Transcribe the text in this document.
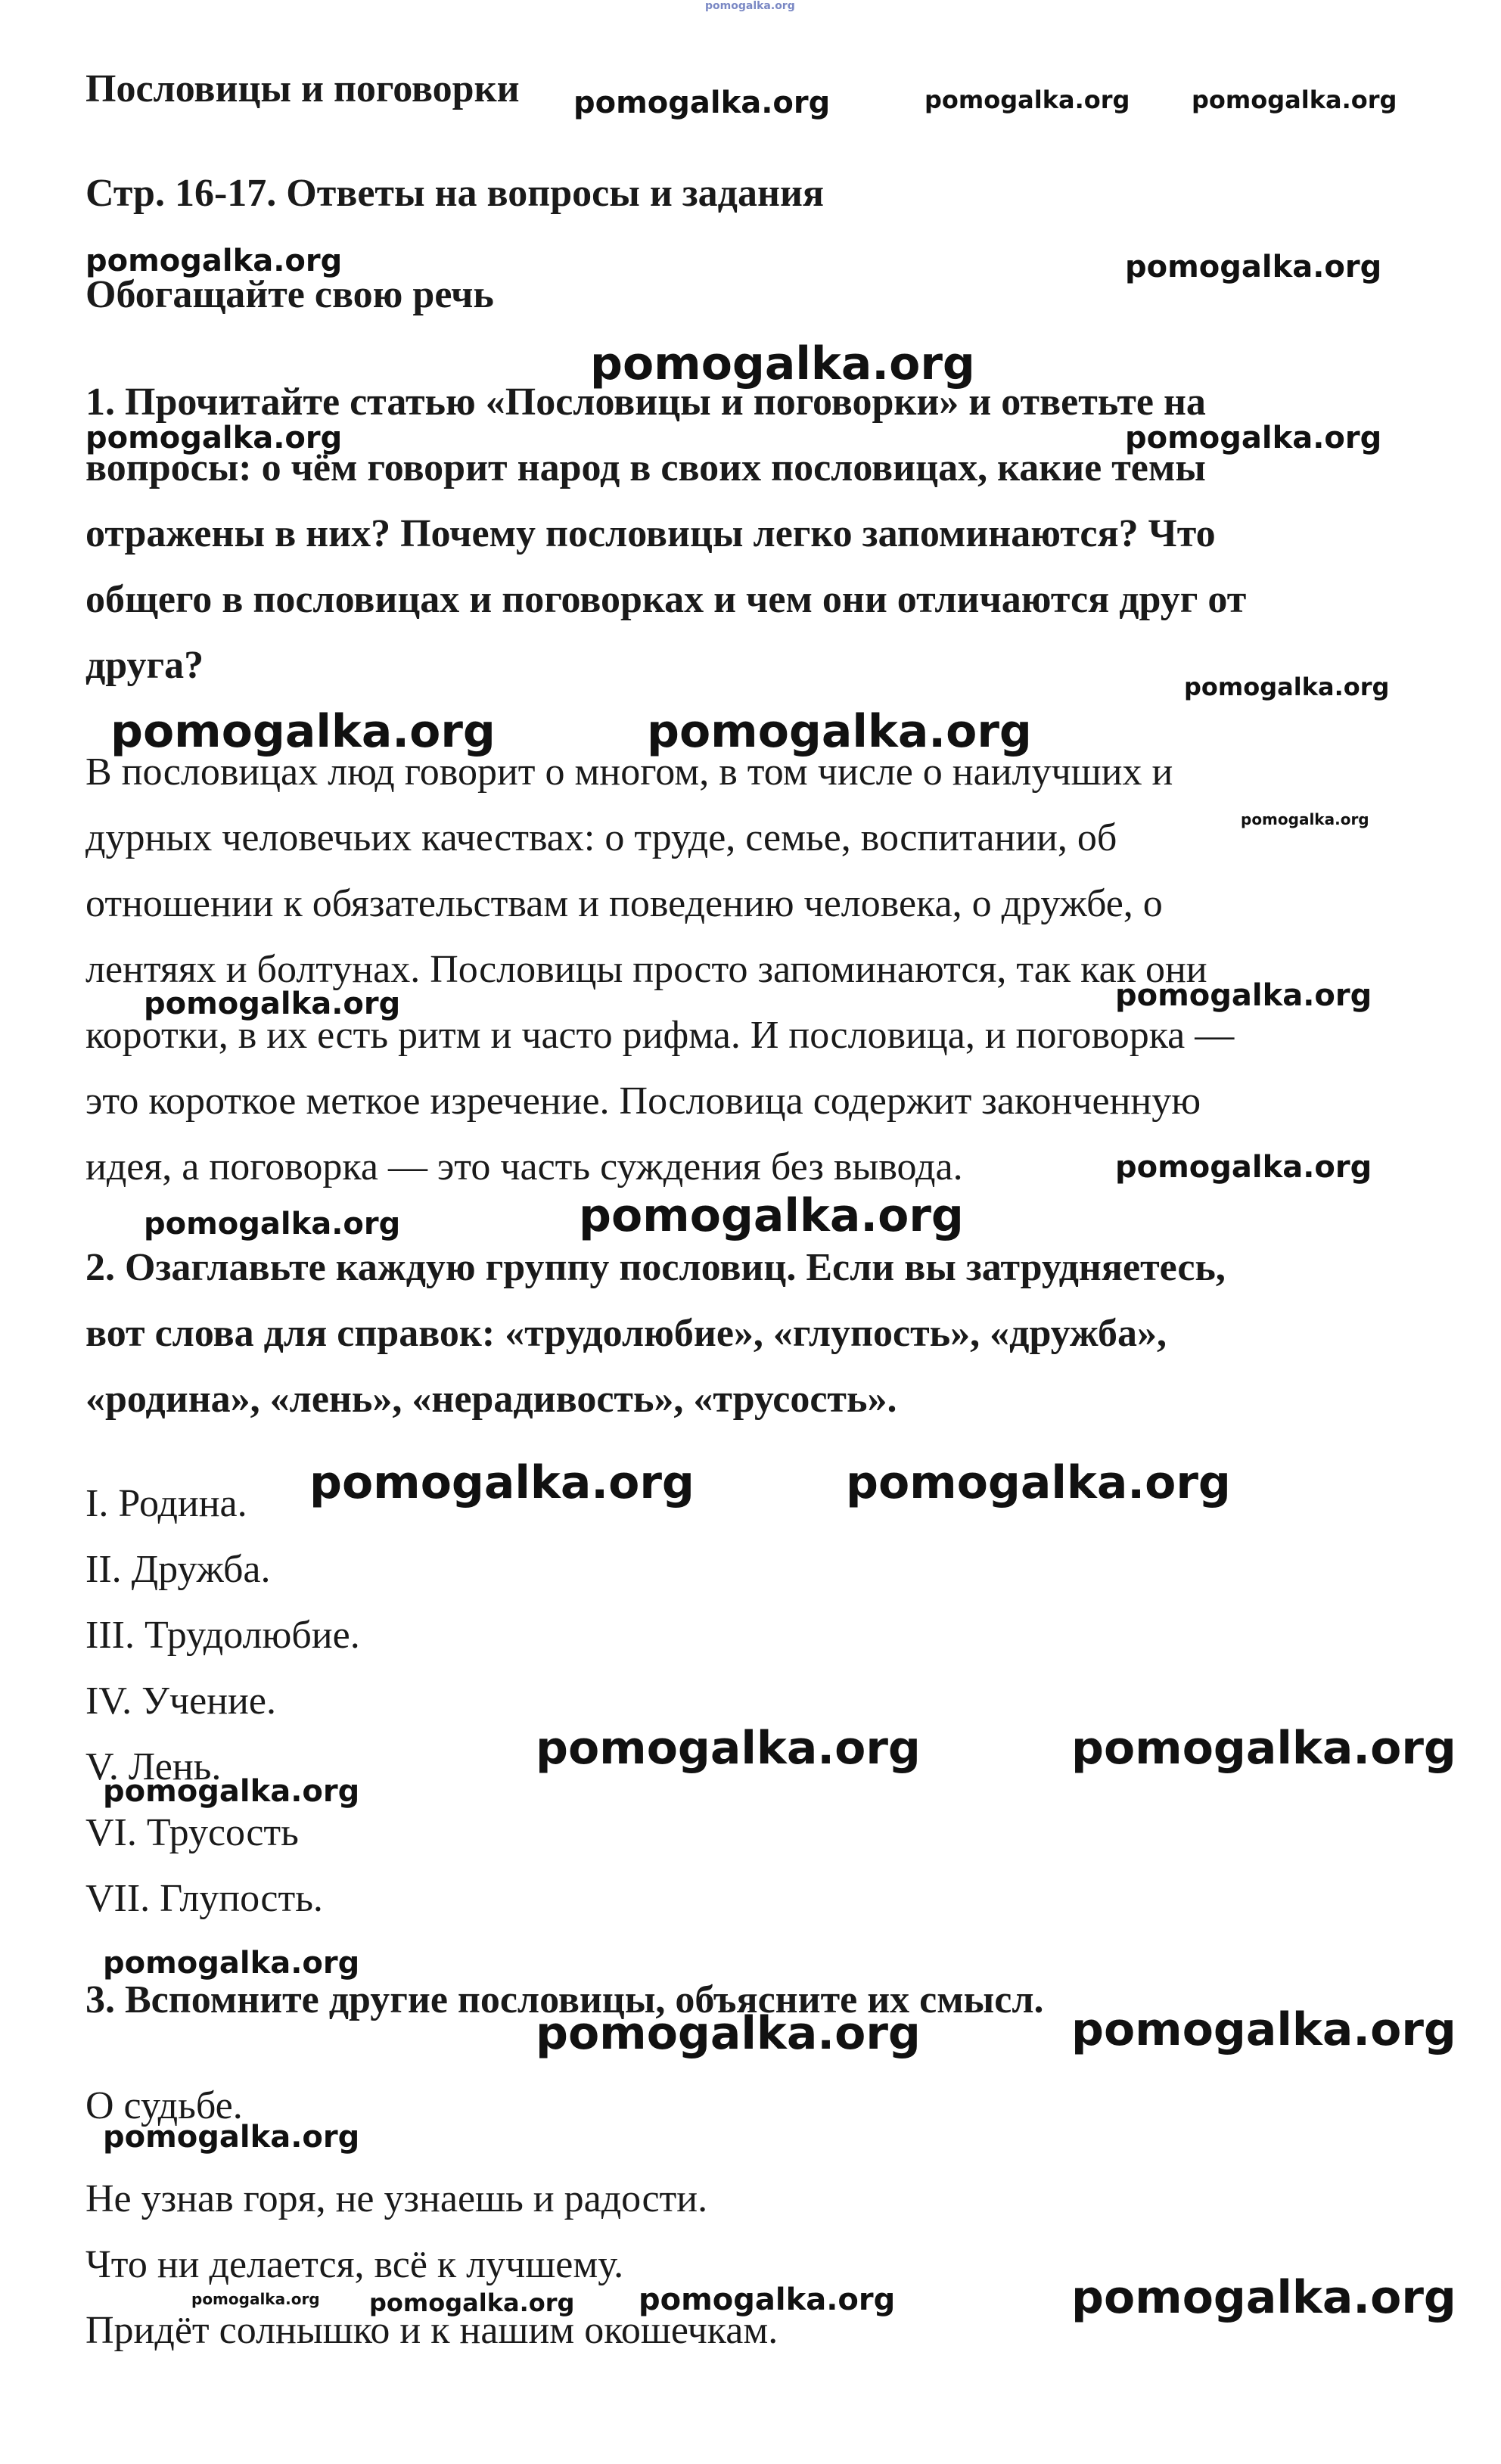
Пословицы и поговорки
Стр. 16-17. Ответы на вопросы и задания
Обогащайте свою речь
1. Прочитайте статью «Пословицы и поговорки» и ответьте на
вопросы: о чём говорит народ в своих пословицах, какие темы
отражены в них? Почему пословицы легко запоминаются? Что
общего в пословицах и поговорках и чем они отличаются друг от
друга?
В пословицах люд говорит о многом, в том числе о наилучших и
дурных человечьих качествах: о труде, семье, воспитании, об
отношении к обязательствам и поведению человека, о дружбе, о
лентяях и болтунах. Пословицы просто запоминаются, так как они
коротки, в их есть ритм и часто рифма. И пословица, и поговорка —
это короткое меткое изречение. Пословица содержит законченную
идея, а поговорка — это часть суждения без вывода.
2. Озаглавьте каждую группу пословиц. Если вы затрудняетесь,
вот слова для справок: «трудолюбие», «глупость», «дружба»,
«родина», «лень», «нерадивость», «трусость».
I. Родина.
II. Дружба.
III. Трудолюбие.
IV. Учение.
V. Лень.
VI. Трусость
VII. Глупость.
3. Вспомните другие пословицы, объясните их смысл.
О судьбе.
Не узнав горя, не узнаешь и радости.
Что ни делается, всё к лучшему.
Придёт солнышко и к нашим окошечкам.
pomogalka.org
pomogalka.org	pomogalka.org	pomogalka.org
pomogalka.org	pomogalka.org
pomogalka.org
pomogalka.org	pomogalka.org
pomogalka.org
pomogalka.org	pomogalka.org
pomogalka.org
pomogalka.org	pomogalka.org
pomogalka.org
pomogalka.org	pomogalka.org
pomogalka.org	pomogalka.org
pomogalka.org	pomogalka.org
pomogalka.org
pomogalka.org
pomogalka.org	pomogalka.org
pomogalka.org
pomogalka.org pomogalka.org pomogalka.org	pomogalka.org
